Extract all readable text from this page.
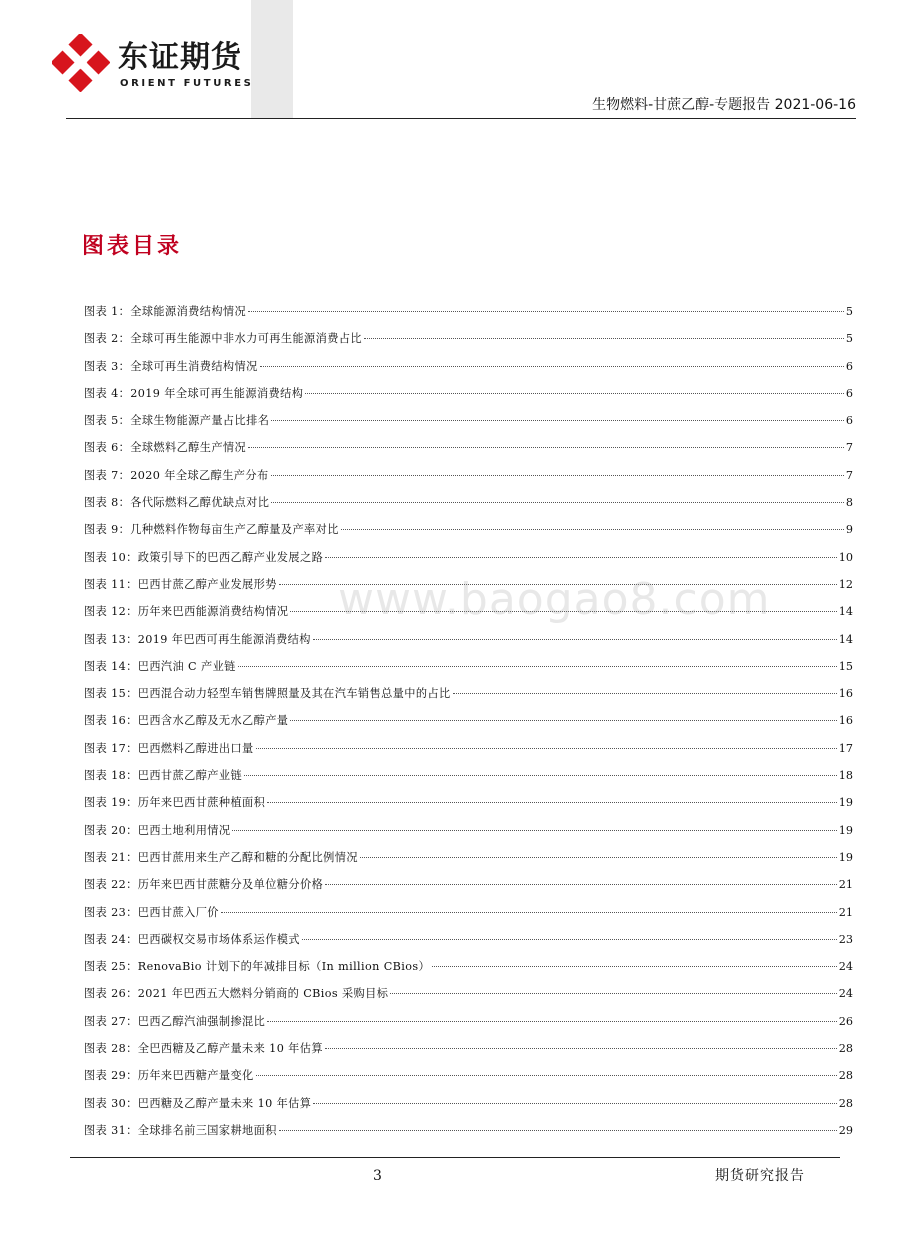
东证期货
ORIENT FUTURES
生物燃料-甘蔗乙醇-专题报告 2021-06-16
图表目录
图表 1：全球能源消费结构情况	5
图表 2：全球可再生能源中非水力可再生能源消费占比	5
图表 3：全球可再生消费结构情况	6
图表 4：2019 年全球可再生能源消费结构	6
图表 5：全球生物能源产量占比排名	6
图表 6：全球燃料乙醇生产情况	7
图表 7：2020 年全球乙醇生产分布	7
图表 8：各代际燃料乙醇优缺点对比	8
图表 9：几种燃料作物每亩生产乙醇量及产率对比	9
图表 10：政策引导下的巴西乙醇产业发展之路	10
图表 11：巴西甘蔗乙醇产业发展形势	12
图表 12：历年来巴西能源消费结构情况	14
图表 13：2019 年巴西可再生能源消费结构	14
图表 14：巴西汽油 C 产业链	15
图表 15：巴西混合动力轻型车销售牌照量及其在汽车销售总量中的占比	16
图表 16：巴西含水乙醇及无水乙醇产量	16
图表 17：巴西燃料乙醇进出口量	17
图表 18：巴西甘蔗乙醇产业链	18
图表 19：历年来巴西甘蔗种植面积	19
图表 20：巴西土地利用情况	19
图表 21：巴西甘蔗用来生产乙醇和糖的分配比例情况	19
图表 22：历年来巴西甘蔗糖分及单位糖分价格	21
图表 23：巴西甘蔗入厂价	21
图表 24：巴西碳权交易市场体系运作模式	23
图表 25：RenovaBio 计划下的年减排目标（In million CBios）	24
图表 26：2021 年巴西五大燃料分销商的 CBios 采购目标	24
图表 27：巴西乙醇汽油强制掺混比	26
图表 28：全巴西糖及乙醇产量未来 10 年估算	28
图表 29：历年来巴西糖产量变化	28
图表 30：巴西糖及乙醇产量未来 10 年估算	28
图表 31：全球排名前三国家耕地面积	29
www.baogao8.com
3	期货研究报告
